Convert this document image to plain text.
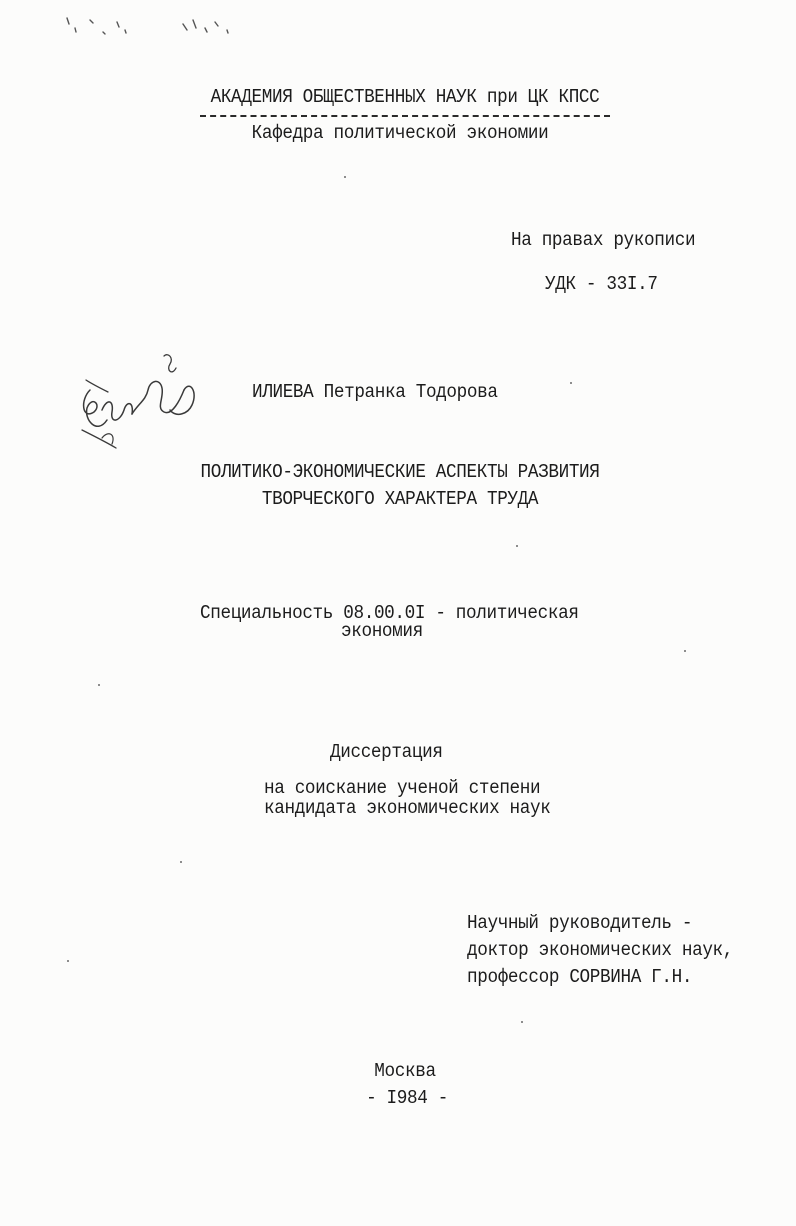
АКАДЕМИЯ ОБЩЕСТВЕННЫХ НАУК при ЦК КПСС
Кафедра политической экономии
На правах рукописи
УДК - 33I.7
ИЛИЕВА Петранка Тодорова
ПОЛИТИКО-ЭКОНОМИЧЕСКИЕ АСПЕКТЫ РАЗВИТИЯ
ТВОРЧЕСКОГО ХАРАКТЕРА ТРУДА
Специальность 08.00.0I - политическая
экономия
Диссертация
на соискание ученой степени
кандидата экономических наук
Научный руководитель -
доктор экономических наук,
профессор СОРВИНА Г.Н.
Москва
- I984 -
